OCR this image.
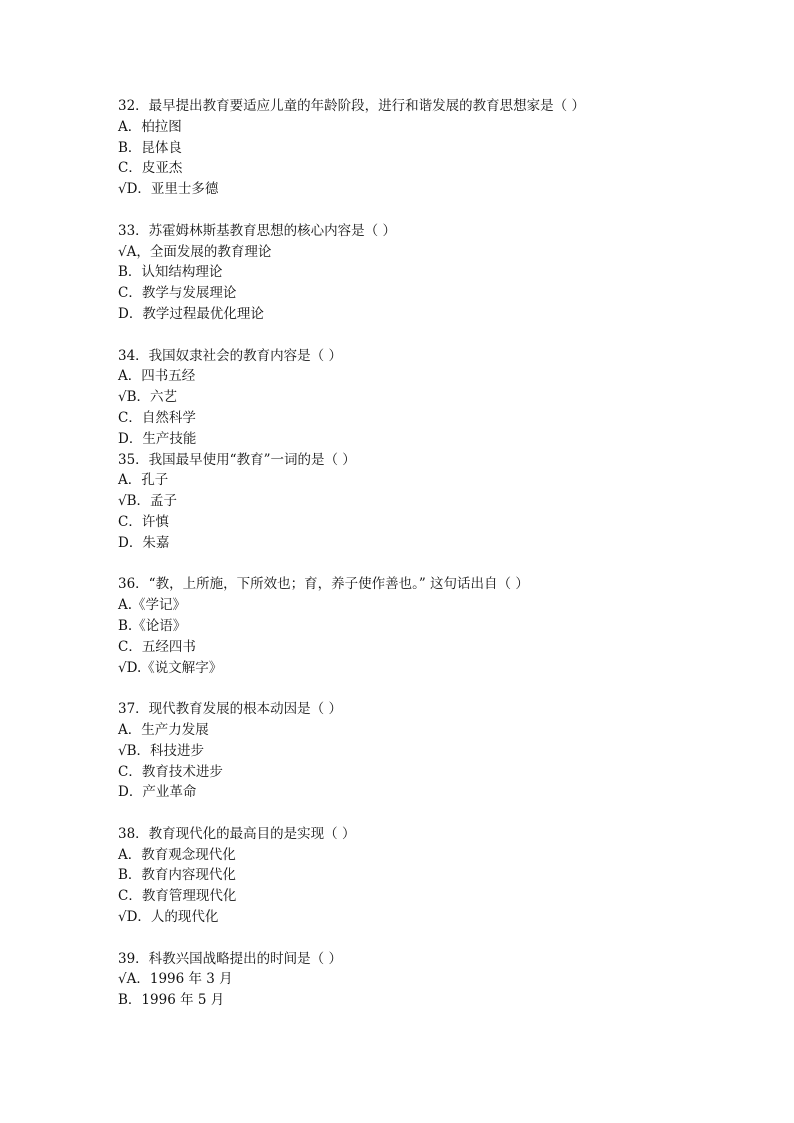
32．最早提出教育要适应儿童的年龄阶段，进行和谐发展的教育思想家是（ ）
A．柏拉图
B．昆体良
C．皮亚杰
√D．亚里士多德
33．苏霍姆林斯基教育思想的核心内容是（ ）
√A，全面发展的教育理论
B．认知结构理论
C．教学与发展理论
D．教学过程最优化理论
34．我国奴隶社会的教育内容是（ ）
A．四书五经
√B．六艺
C．自然科学
D．生产技能
35．我国最早使用“教育”一词的是（ ）
A．孔子
√B．孟子
C．许慎
D．朱嘉
36．“教，上所施，下所效也；育，养子使作善也。” 这句话出自（ ）
A.《学记》
B.《论语》
C．五经四书
√D.《说文解字》
37．现代教育发展的根本动因是（ ）
A．生产力发展
√B．科技进步
C．教育技术进步
D．产业革命
38．教育现代化的最高目的是实现（ ）
A．教育观念现代化
B．教育内容现代化
C．教育管理现代化
√D．人的现代化
39．科教兴国战略提出的时间是（ ）
√A．1996 年 3 月
B．1996 年 5 月
